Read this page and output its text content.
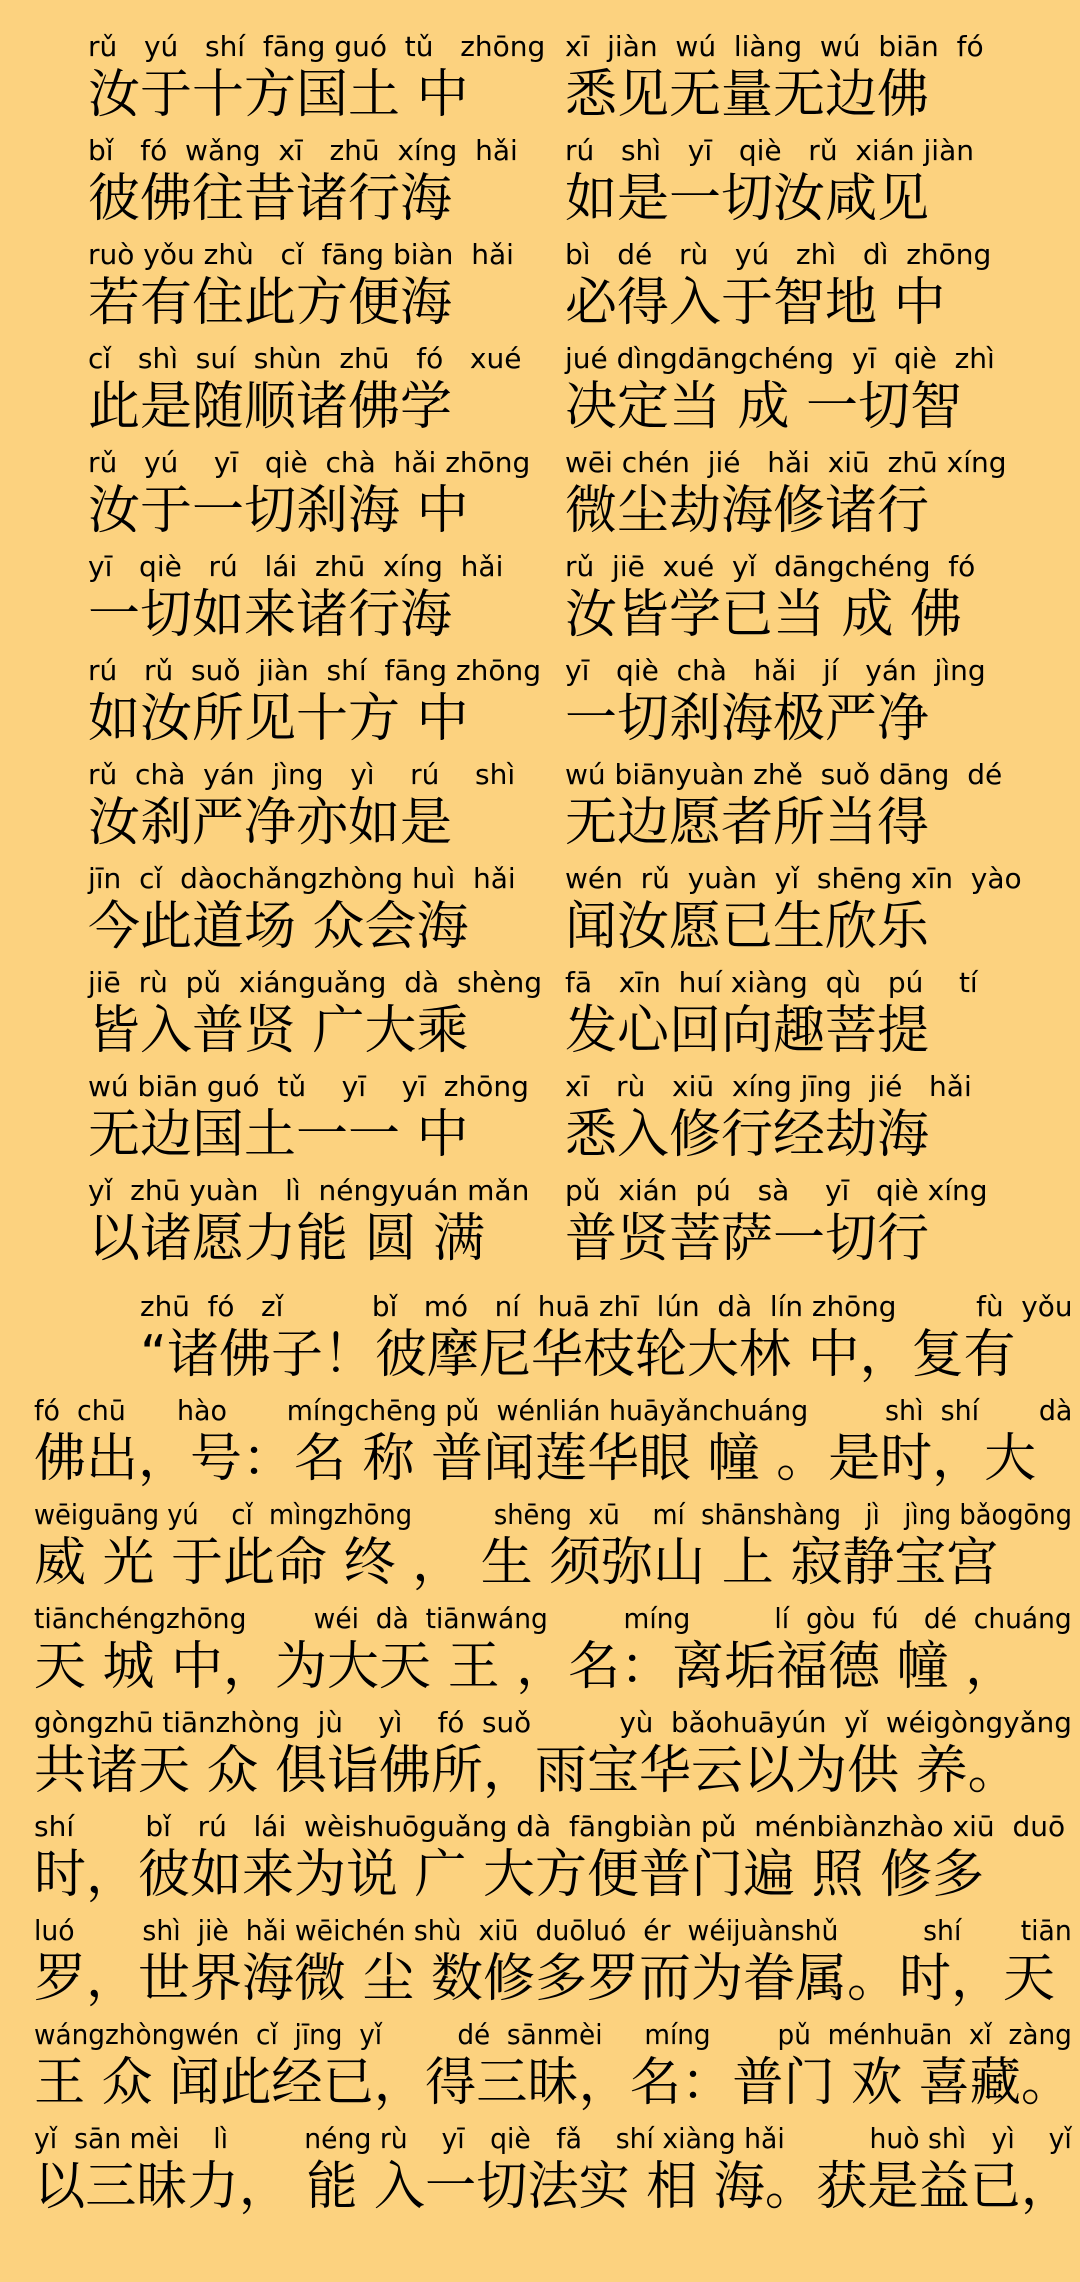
rǔ   yú   shí  fāng guó  tǔ   zhōng
汝于十方国土 中
xī  jiàn  wú  liàng  wú  biān  fó
悉见无量无边佛
bǐ   fó  wǎng  xī   zhū  xíng  hǎi
彼佛往昔诸行海
rú   shì   yī   qiè   rǔ  xián jiàn
如是一切汝咸见
ruò yǒu zhù   cǐ  fāng biàn  hǎi
若有住此方便海
bì   dé   rù   yú   zhì   dì  zhōng
必得入于智地 中
cǐ   shì  suí  shùn  zhū   fó   xué
此是随顺诸佛学
jué dìngdāngchéng  yī  qiè  zhì
决定当 成 一切智
rǔ   yú    yī   qiè  chà  hǎi zhōng
汝于一切刹海 中
wēi chén  jié   hǎi  xiū  zhū xíng
微尘劫海修诸行
yī   qiè   rú   lái  zhū  xíng  hǎi
一切如来诸行海
rǔ  jiē  xué  yǐ  dāngchéng  fó
汝皆学已当 成 佛
rú   rǔ  suǒ  jiàn  shí  fāng zhōng
如汝所见十方 中
yī   qiè  chà   hǎi   jí   yán  jìng
一切刹海极严净
rǔ  chà  yán  jìng   yì    rú    shì
汝刹严净亦如是
wú biānyuàn zhě  suǒ dāng  dé
无边愿者所当得
jīn  cǐ  dàochǎngzhòng huì  hǎi
今此道场 众会海
wén  rǔ  yuàn  yǐ  shēng xīn  yào
闻汝愿已生欣乐
jiē  rù  pǔ  xiánguǎng  dà  shèng
皆入普贤 广大乘
fā   xīn  huí xiàng  qù   pú    tí
发心回向趣菩提
wú biān guó  tǔ    yī    yī  zhōng
无边国土一一 中
xī   rù   xiū  xíng jīng  jié   hǎi
悉入修行经劫海
yǐ  zhū yuàn   lì  néngyuán mǎn
以诸愿力能 圆 满
pǔ  xián  pú   sà    yī   qiè xíng
普贤菩萨一切行
zhū  fó   zǐ          bǐ   mó   ní  huā zhī  lún  dà  lín zhōng         fù  yǒu
“诸佛子！彼摩尼华枝轮大林 中，复有
fó  chū      hào       míngchēng pǔ  wénlián huāyǎnchuáng         shì  shí       dà
佛出，号：名 称 普闻莲华眼 幢 。是时，大
wēiguāng yú    cǐ  mìngzhōng          shēng  xū    mí  shānshàng   jì   jìng bǎogōng
威 光 于此命 终 ， 生 须弥山 上 寂静宝宫
tiānchéngzhōng        wéi  dà  tiānwáng         míng          lí  gòu  fú   dé  chuáng
天 城 中，为大天 王 ，名：离垢福德 幢 ，
gòngzhū tiānzhòng  jù    yì    fó  suǒ          yù  bǎohuāyún  yǐ  wéigòngyǎng
共诸天 众 俱诣佛所，雨宝华云以为供 养。
shí        bǐ   rú   lái  wèishuōguǎng dà  fāngbiàn pǔ  ménbiànzhào xiū  duō
时，彼如来为说 广 大方便普门遍 照 修多
luó        shì  jiè  hǎi wēichén shù  xiū  duōluó  ér  wéijuànshǔ          shí       tiān
罗，世界海微 尘 数修多罗而为眷属。时，天
wángzhòngwén  cǐ  jīng  yǐ         dé  sānmèi     míng        pǔ  ménhuān  xǐ  zàng
王 众 闻此经已，得三昧，名：普门 欢 喜藏。
yǐ  sān mèi    lì         néng rù    yī   qiè   fǎ    shí xiàng hǎi          huò shì   yì    yǐ
以三昧力， 能 入一切法实 相 海。获是益已，
